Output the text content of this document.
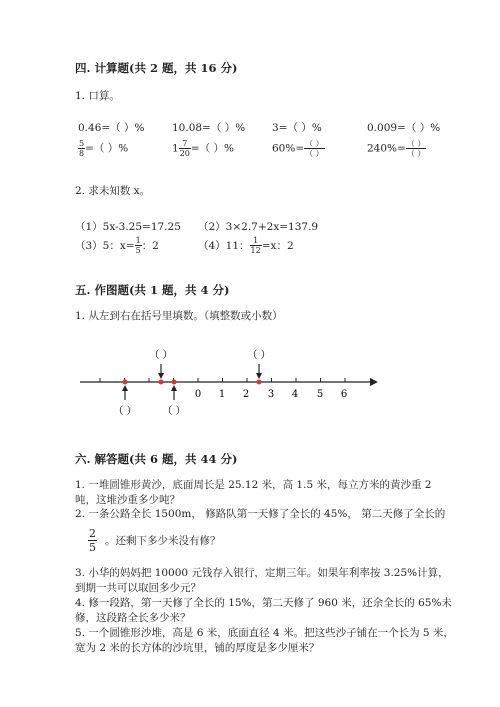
四. 计算题(共 2 题，共 16 分)
1. 口算。
0.46=（ ）%	10.08=（ ）%	3=（ ）%	0.009=（ ）%
$\frac{5}{8}$ =（ ）%	$1 \frac{7}{20}$ =（ ）%	$60\%= \frac{( )}{( )}$	$240\%= \frac{( )}{( )}$
2. 求未知数 x。
（1）5x-3.25=17.25 （2）3×2.7+2x=137.9
（3）5：$x= \frac{1}{5}$ ：2	（4）11： $\frac{1}{12} =x$：2
五. 作图题(共 1 题，共 4 分)
1. 从左到右在括号里填数。（填整数或小数）
0 1 2 3 4 5 6
（ ）	（ ）
（ ）	（ ）
六. 解答题(共 6 题，共 44 分)
1. 一堆圆锥形黄沙，底面周长是 25.12 米，高 1.5 米，每立方米的黄沙重 2
吨，这堆沙重多少吨？
2. 一条公路全长 1500m， 修路队第一天修了全长的 45%， 第二天修了全长的
$\frac{2}{5}$ 。还剩下多少米没有修？
3. 小华的妈妈把 10000 元钱存入银行，定期三年。如果年利率按 3.25%计算，
到期一共可以取回多少元？
4. 修一段路，第一天修了全长的 15%，第二天修了 960 米，还余全长的 65%未
修，这段路全长多少米？
5. 一个圆锥形沙堆，高是 6 米，底面直径 4 米。把这些沙子铺在一个长为 5 米，
宽为 2 米的长方体的沙坑里，铺的厚度是多少厘米？
